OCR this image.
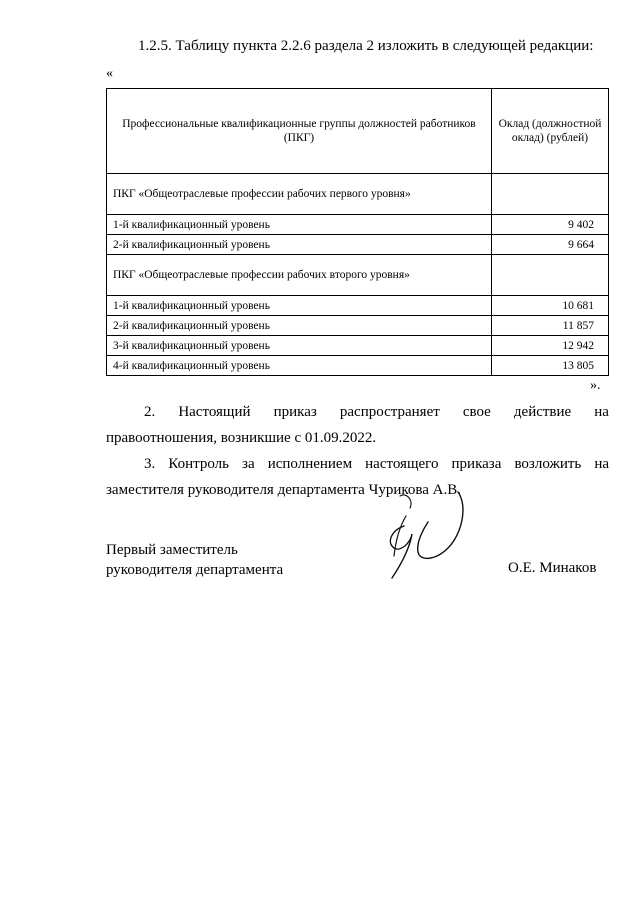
1.2.5. Таблицу пункта 2.2.6 раздела 2 изложить в следующей редакции:

«

Профессиональные квалификационные группы должностей работников (ПКГ)	Оклад (должностной оклад) (рублей)
ПКГ «Общеотраслевые профессии рабочих первого уровня»	
1-й квалификационный уровень	9 402
2-й квалификационный уровень	9 664
ПКГ «Общеотраслевые профессии рабочих второго уровня»	
1-й квалификационный уровень	10 681
2-й квалификационный уровень	11 857
3-й квалификационный уровень	12 942
4-й квалификационный уровень	13 805

».

2. Настоящий приказ распространяет свое действие на
правоотношения, возникшие с 01.09.2022.
3. Контроль за исполнением настоящего приказа возложить на
заместителя руководителя департамента Чурикова А.В.
Первый заместитель
руководителя департамента	О.Е. Минаков
